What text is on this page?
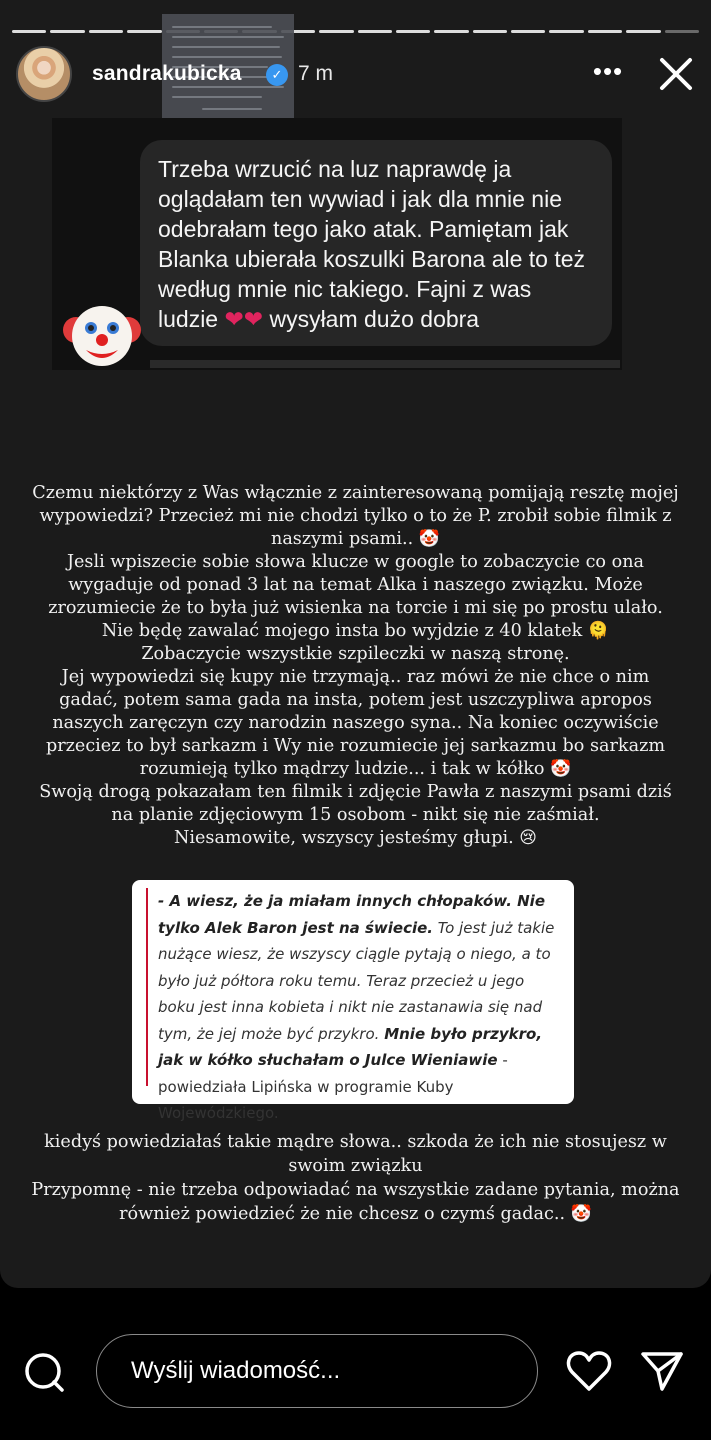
sandrakubicka	✓ 7 m	•••
Trzeba wrzucić na luz naprawdę ja oglądałam ten wywiad i jak dla mnie nie odebrałam tego jako atak. Pamiętam jak Blanka ubierała koszulki Barona ale to też według mnie nic takiego. Fajni z was ludzie ❤❤ wysyłam dużo dobra
Czemu niektórzy z Was włącznie z zainteresowaną pomijają resztę mojej wypowiedzi? Przecież mi nie chodzi tylko o to że P. zrobił sobie filmik z naszymi psami.. 🤡
Jesli wpiszecie sobie słowa klucze w google to zobaczycie co ona wygaduje od ponad 3 lat na temat Alka i naszego związku. Może zrozumiecie że to była już wisienka na torcie i mi się po prostu ulało. Nie będę zawalać mojego insta bo wyjdzie z 40 klatek 🫠
Zobaczycie wszystkie szpileczki w naszą stronę.
Jej wypowiedzi się kupy nie trzymają.. raz mówi że nie chce o nim gadać, potem sama gada na insta, potem jest uszczypliwa apropos naszych zaręczyn czy narodzin naszego syna.. Na koniec oczywiście przeciez to był sarkazm i Wy nie rozumiecie jej sarkazmu bo sarkazm rozumieją tylko mądrzy ludzie... i tak w kółko 🤡
Swoją drogą pokazałam ten filmik i zdjęcie Pawła z naszymi psami dziś na planie zdjęciowym 15 osobom - nikt się nie zaśmiał.
Niesamowite, wszyscy jesteśmy głupi. 😢
- A wiesz, że ja miałam innych chłopaków. Nie tylko Alek Baron jest na świecie. To jest już takie nużące wiesz, że wszyscy ciągle pytają o niego, a to było już półtora roku temu. Teraz przecież u jego boku jest inna kobieta i nikt nie zastanawia się nad tym, że jej może być przykro. Mnie było przykro, jak w kółko słuchałam o Julce Wieniawie - powiedziała Lipińska w programie Kuby Wojewódzkiego.
kiedyś powiedziałaś takie mądre słowa.. szkoda że ich nie stosujesz w swoim związku
Przypomnę - nie trzeba odpowiadać na wszystkie zadane pytania, można również powiedzieć że nie chcesz o czymś gadac.. 🤡
Wyślij wiadomość...
